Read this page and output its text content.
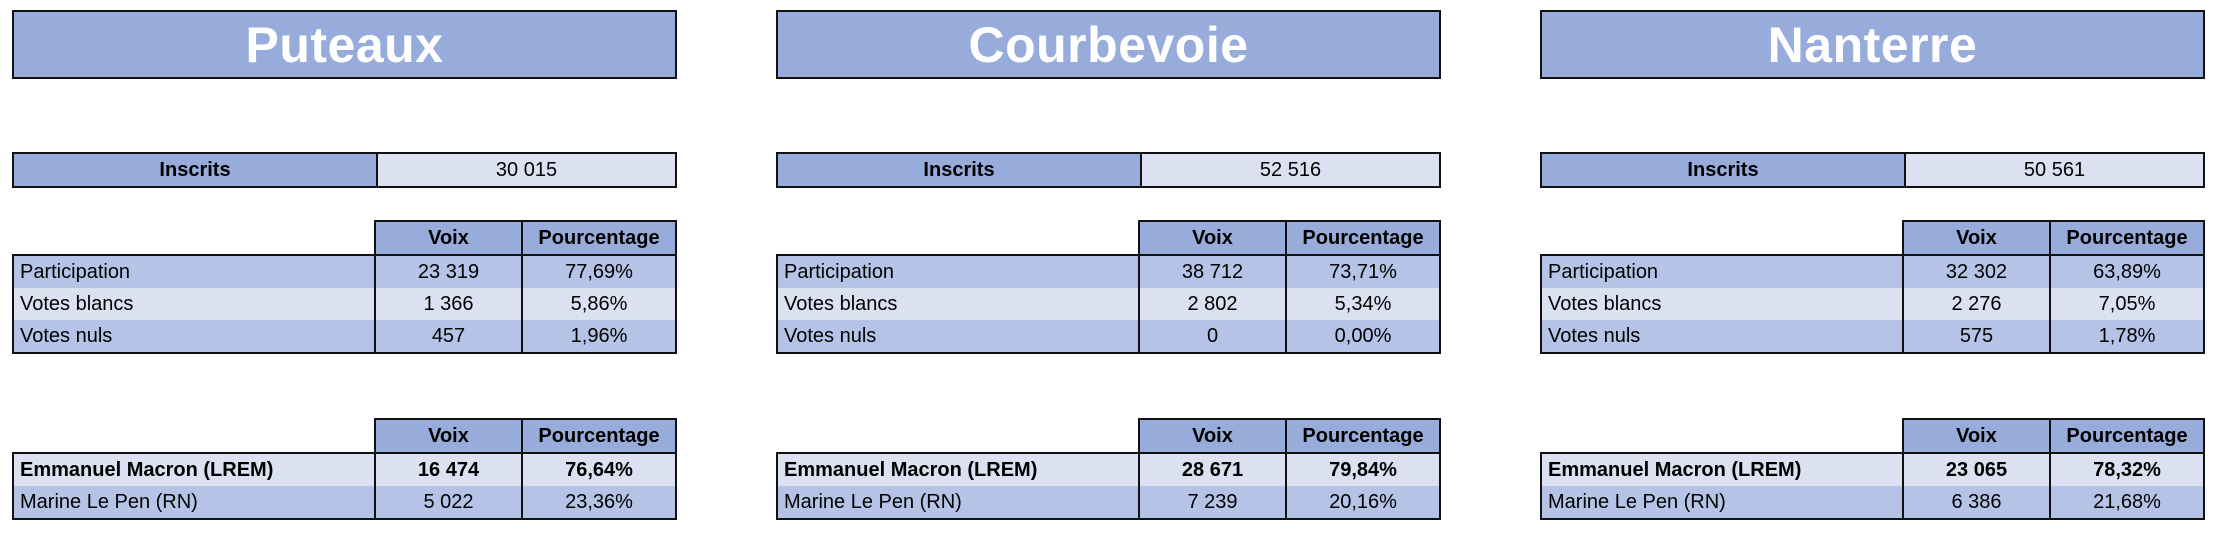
Puteaux
Inscrits	30 015
Voix	Pourcentage
Participation	23 319	77,69%
Votes blancs	1 366	5,86%
Votes nuls	457	1,96%
Voix	Pourcentage
Emmanuel Macron (LREM)	16 474	76,64%
Marine Le Pen (RN)	5 022	23,36%
Courbevoie
Inscrits	52 516
Voix	Pourcentage
Participation	38 712	73,71%
Votes blancs	2 802	5,34%
Votes nuls	0	0,00%
Voix	Pourcentage
Emmanuel Macron (LREM)	28 671	79,84%
Marine Le Pen (RN)	7 239	20,16%
Nanterre
Inscrits	50 561
Voix	Pourcentage
Participation	32 302	63,89%
Votes blancs	2 276	7,05%
Votes nuls	575	1,78%
Voix	Pourcentage
Emmanuel Macron (LREM)	23 065	78,32%
Marine Le Pen (RN)	6 386	21,68%
